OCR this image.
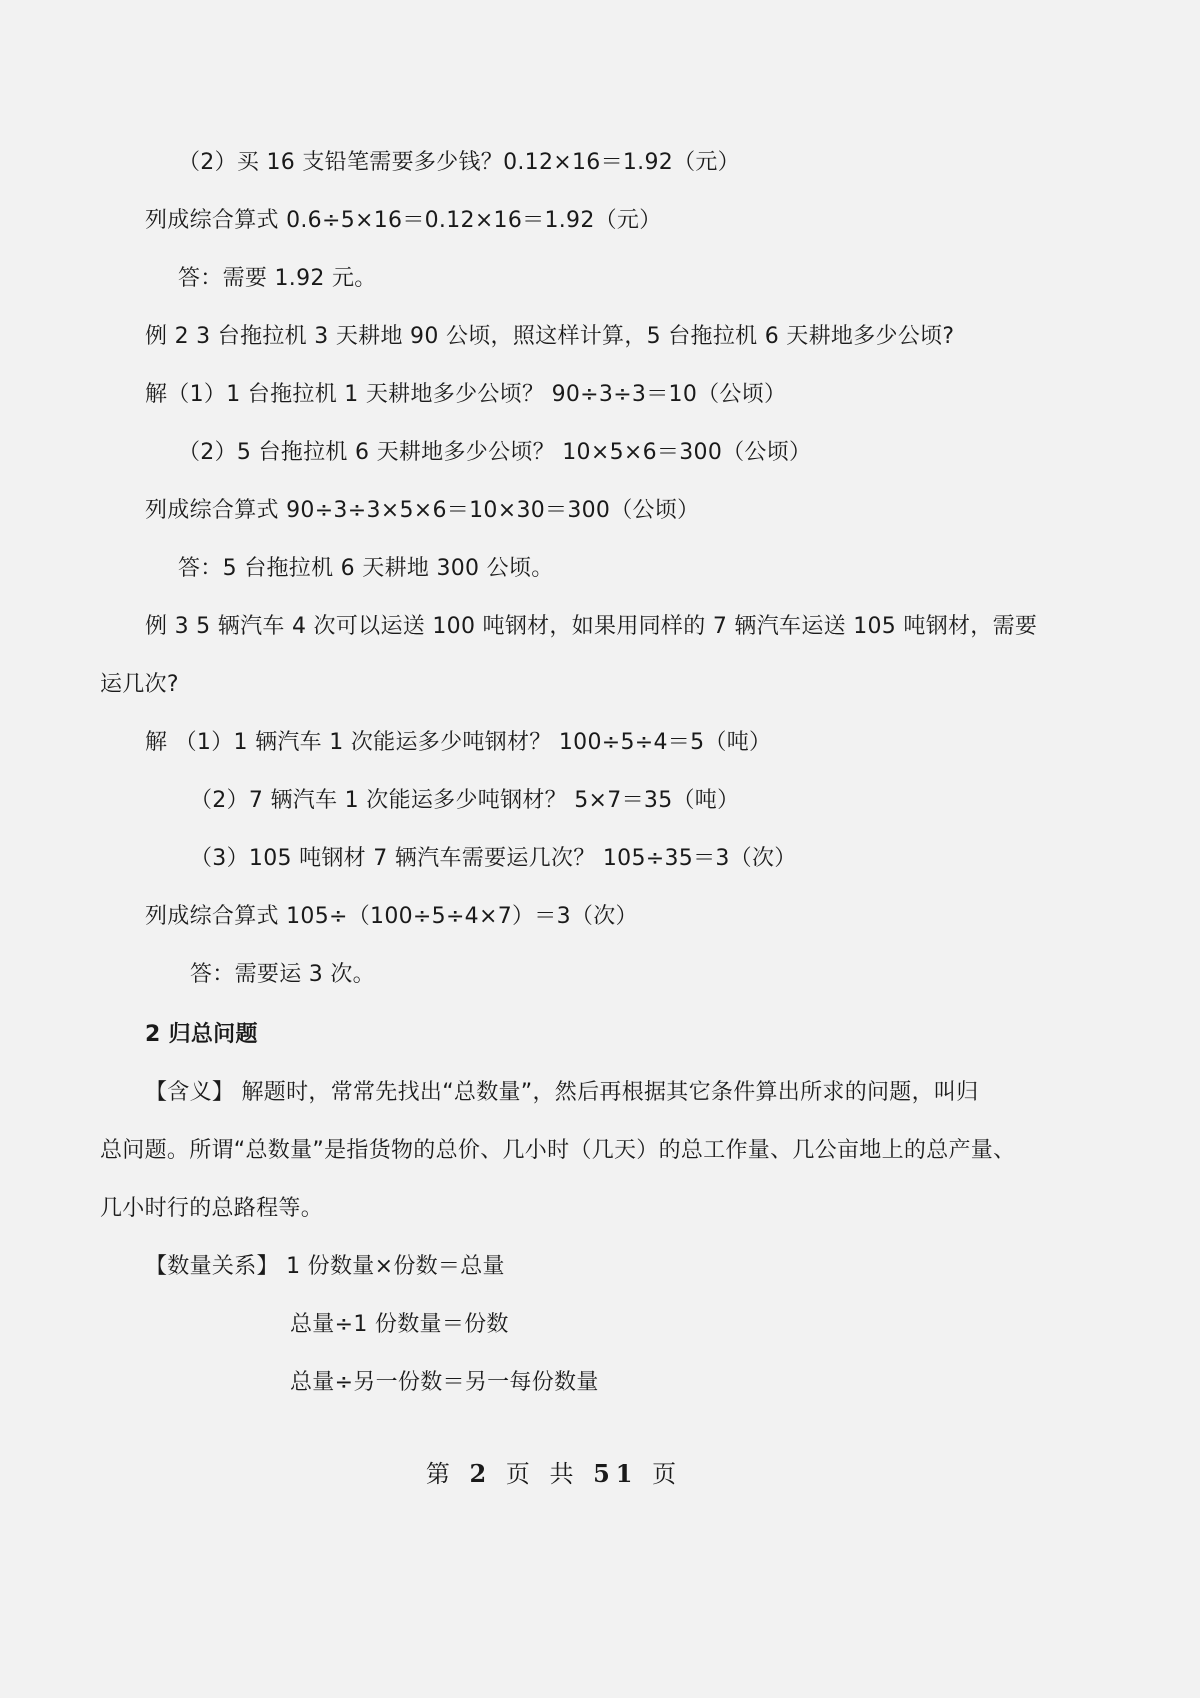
（2）买 16 支铅笔需要多少钱？0.12×16＝1.92（元）
列成综合算式 0.6÷5×16＝0.12×16＝1.92（元）
答：需要 1.92 元。
例 2 3 台拖拉机 3 天耕地 90 公顷，照这样计算，5 台拖拉机 6 天耕地多少公顷?
解（1）1 台拖拉机 1 天耕地多少公顷？ 90÷3÷3＝10（公顷）
（2）5 台拖拉机 6 天耕地多少公顷？ 10×5×6＝300（公顷）
列成综合算式 90÷3÷3×5×6＝10×30＝300（公顷）
答：5 台拖拉机 6 天耕地 300 公顷。
例 3 5 辆汽车 4 次可以运送 100 吨钢材，如果用同样的 7 辆汽车运送 105 吨钢材，需要
运几次?
解 （1）1 辆汽车 1 次能运多少吨钢材？ 100÷5÷4＝5（吨）
（2）7 辆汽车 1 次能运多少吨钢材？ 5×7＝35（吨）
（3）105 吨钢材 7 辆汽车需要运几次？ 105÷35＝3（次）
列成综合算式 105÷（100÷5÷4×7）＝3（次）
答：需要运 3 次。
2 归总问题
【含义】 解题时，常常先找出“总数量”，然后再根据其它条件算出所求的问题，叫归
总问题。所谓“总数量”是指货物的总价、几小时（几天）的总工作量、几公亩地上的总产量、
几小时行的总路程等。
【数量关系】 1 份数量×份数＝总量
总量÷1 份数量＝份数
总量÷另一份数＝另一每份数量
第 2 页 共 51 页
